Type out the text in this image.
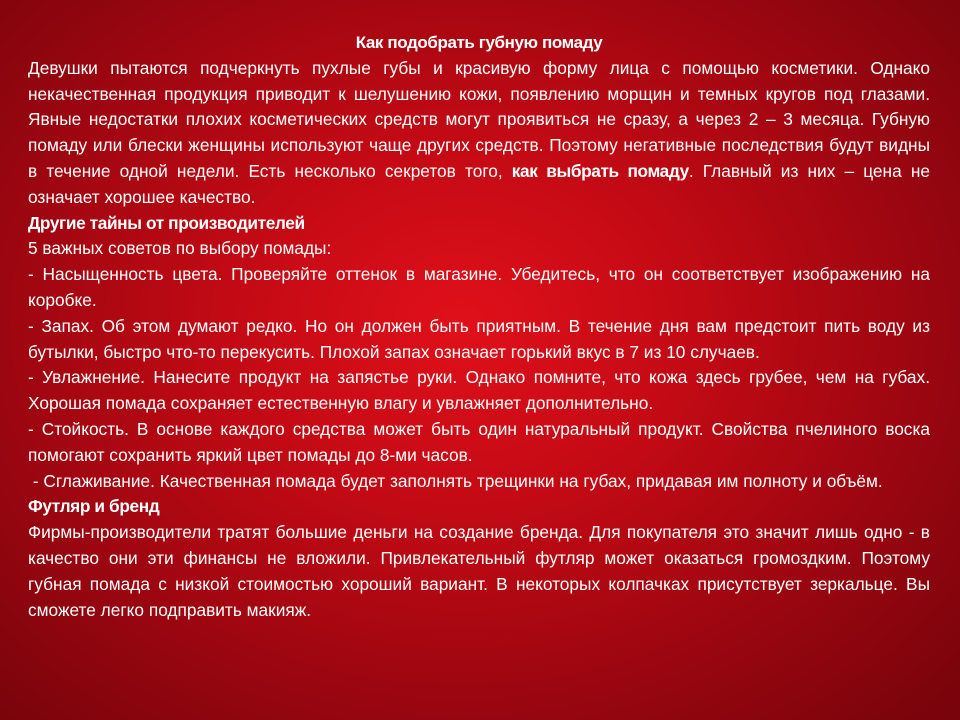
Как подобрать губную помаду

Девушки пытаются подчеркнуть пухлые губы и красивую форму лица с помощью косметики. Однако некачественная продукция приводит к шелушению кожи, появлению морщин и темных кругов под глазами. Явные недостатки плохих косметических средств могут проявиться не сразу, а через 2 – 3 месяца. Губную помаду или блески женщины используют чаще других средств. Поэтому негативные последствия будут видны в течение одной недели. Есть несколько секретов того, как выбрать помаду. Главный из них – цена не означает хорошее качество.

Другие тайны от производителей

5 важных советов по выбору помады:

- Насыщенность цвета. Проверяйте оттенок в магазине. Убедитесь, что он соответствует изображению на коробке.

- Запах. Об этом думают редко. Но он должен быть приятным. В течение дня вам предстоит пить воду из бутылки, быстро что-то перекусить. Плохой запах означает горький вкус в 7 из 10 случаев.

- Увлажнение. Нанесите продукт на запястье руки. Однако помните, что кожа здесь грубее, чем на губах. Хорошая помада сохраняет естественную влагу и увлажняет дополнительно.

- Стойкость. В основе каждого средства может быть один натуральный продукт. Свойства пчелиного воска помогают сохранить яркий цвет помады до 8-ми часов.

- Сглаживание. Качественная помада будет заполнять трещинки на губах, придавая им полноту и объём.

Футляр и бренд

Фирмы-производители тратят большие деньги на создание бренда. Для покупателя это значит лишь одно - в качество они эти финансы не вложили. Привлекательный футляр может оказаться громоздким. Поэтому губная помада с низкой стоимостью хороший вариант. В некоторых колпачках присутствует зеркальце. Вы сможете легко подправить макияж.
